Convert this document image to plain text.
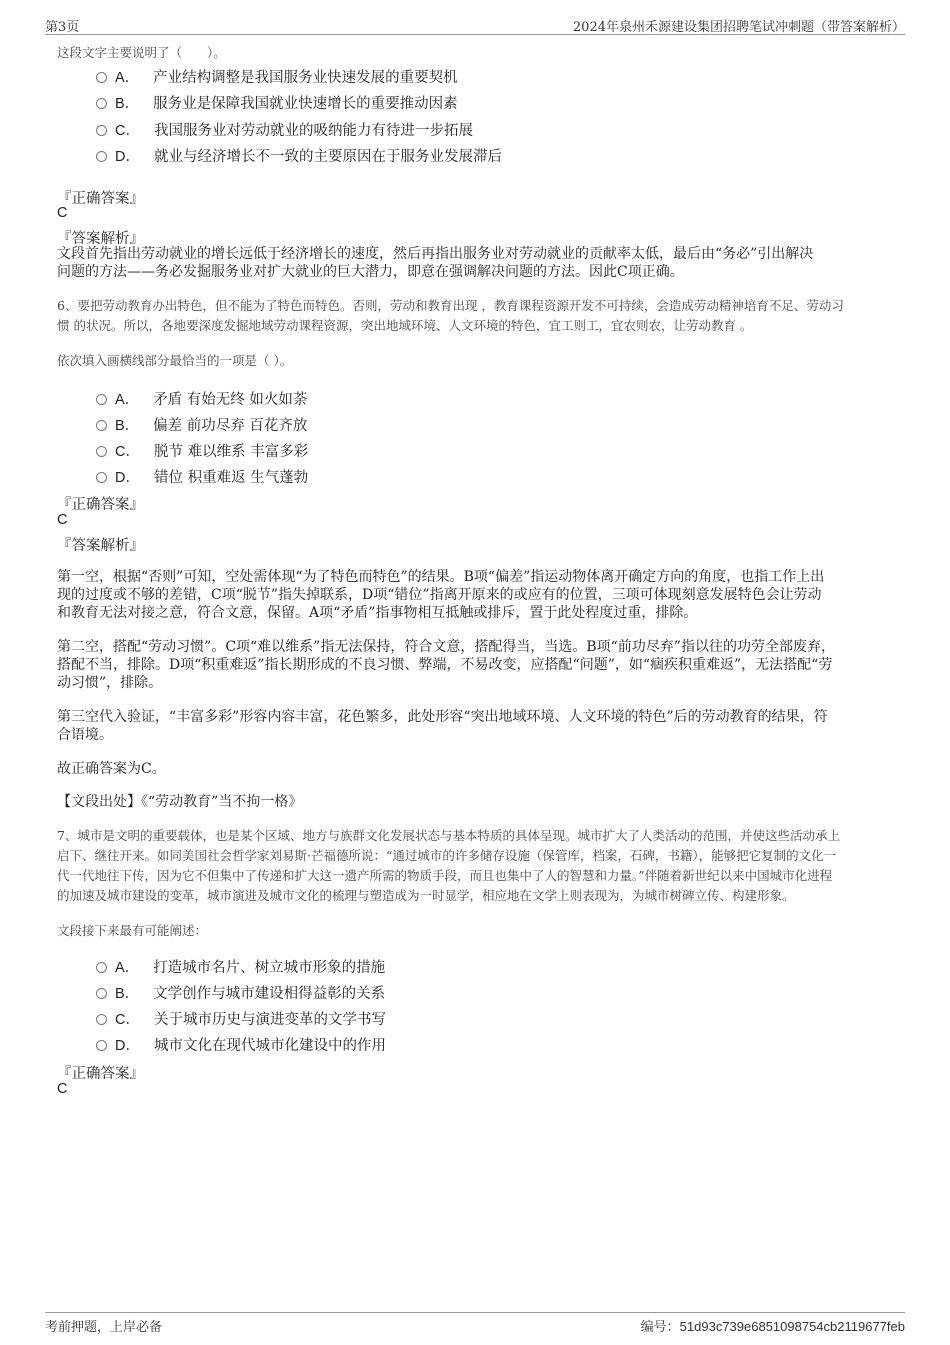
第3页	2024年泉州禾源建设集团招聘笔试冲刺题（带答案解析）
这段文字主要说明了（　　）。
A． 产业结构调整是我国服务业快速发展的重要契机
B． 服务业是保障我国就业快速增长的重要推动因素
C． 我国服务业对劳动就业的吸纳能力有待进一步拓展
D． 就业与经济增长不一致的主要原因在于服务业发展滞后
『正确答案』
C
『答案解析』
文段首先指出劳动就业的增长远低于经济增长的速度，然后再指出服务业对劳动就业的贡献率太低，最后由“务必”引出解决
问题的方法——务必发掘服务业对扩大就业的巨大潜力，即意在强调解决问题的方法。因此C项正确。
6、要把劳动教育办出特色，但不能为了特色而特色。否则，劳动和教育出现 ，教育课程资源开发不可持续，会造成劳动精神培育不足、劳动习
惯 的状况。所以，各地要深度发掘地域劳动课程资源，突出地域环境、人文环境的特色，宜工则工，宜农则农，让劳动教育 。
依次填入画横线部分最恰当的一项是（ ）。
A． 矛盾 有始无终 如火如荼
B． 偏差 前功尽弃 百花齐放
C． 脱节 难以维系 丰富多彩
D． 错位 积重难返 生气蓬勃
『正确答案』
C
『答案解析』
第一空，根据“否则”可知，空处需体现“为了特色而特色”的结果。B项“偏差”指运动物体离开确定方向的角度，也指工作上出
现的过度或不够的差错，C项“脱节”指失掉联系，D项“错位”指离开原来的或应有的位置，三项可体现刻意发展特色会让劳动
和教育无法对接之意，符合文意，保留。A项“矛盾”指事物相互抵触或排斥，置于此处程度过重，排除。
第二空，搭配“劳动习惯”。C项“难以维系”指无法保持，符合文意，搭配得当，当选。B项“前功尽弃”指以往的功劳全部废弃，
搭配不当，排除。D项“积重难返”指长期形成的不良习惯、弊端，不易改变，应搭配“问题”，如“痼疾积重难返”，无法搭配“劳
动习惯”，排除。
第三空代入验证，“丰富多彩”形容内容丰富，花色繁多，此处形容“突出地域环境、人文环境的特色”后的劳动教育的结果，符
合语境。
故正确答案为C。
【文段出处】《“劳动教育”当不拘一格》
7、城市是文明的重要载体，也是某个区域、地方与族群文化发展状态与基本特质的具体呈现。城市扩大了人类活动的范围，并使这些活动承上
启下、继往开来。如同美国社会哲学家刘易斯·芒福德所说：“通过城市的许多储存设施（保管库，档案，石碑，书籍），能够把它复制的文化一
代一代地往下传，因为它不但集中了传递和扩大这一遗产所需的物质手段，而且也集中了人的智慧和力量。”伴随着新世纪以来中国城市化进程
的加速及城市建设的变革，城市演进及城市文化的梳理与塑造成为一时显学，相应地在文学上则表现为，为城市树碑立传、构建形象。
文段接下来最有可能阐述：
A． 打造城市名片、树立城市形象的措施
B． 文学创作与城市建设相得益彰的关系
C． 关于城市历史与演进变革的文学书写
D． 城市文化在现代城市化建设中的作用
『正确答案』
C
考前押题，上岸必备	编号：51d93c739e6851098754cb2119677feb
